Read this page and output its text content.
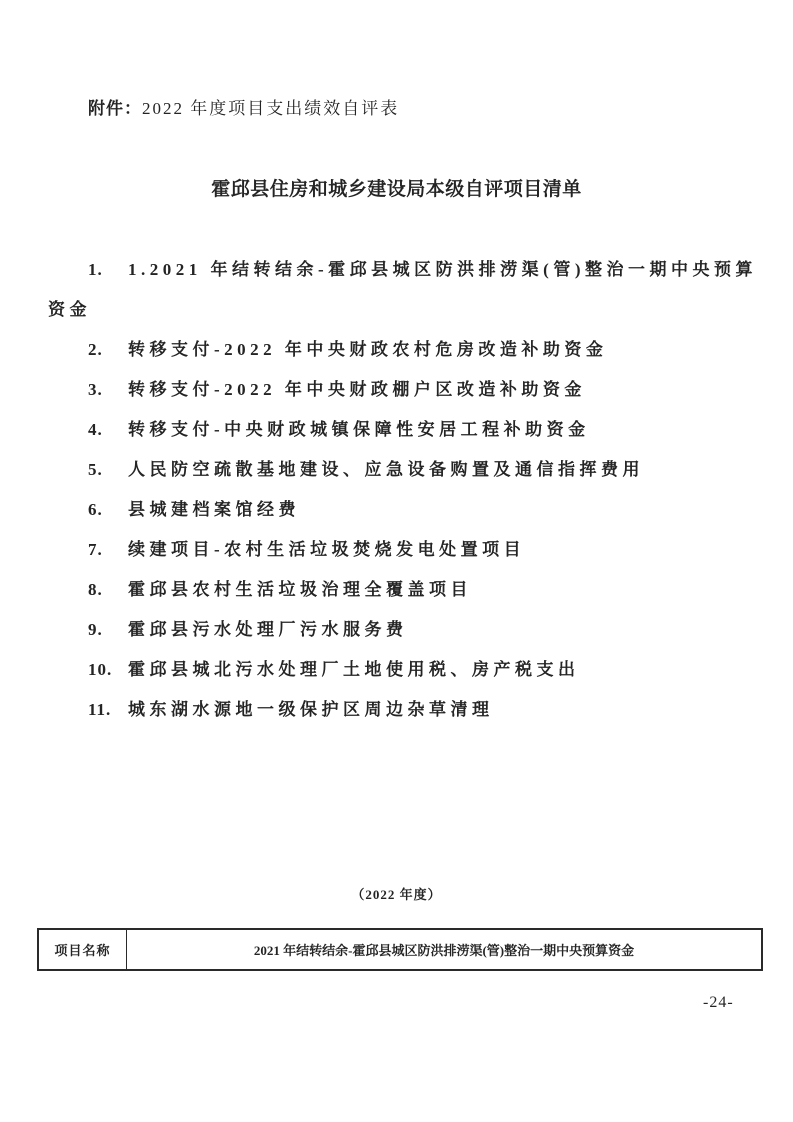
附件：2022 年度项目支出绩效自评表

霍邱县住房和城乡建设局本级自评项目清单

1. 1.2021 年结转结余-霍邱县城区防洪排涝渠(管)整治一期中央预算
资金

2. 转移支付-2022 年中央财政农村危房改造补助资金

3. 转移支付-2022 年中央财政棚户区改造补助资金

4. 转移支付-中央财政城镇保障性安居工程补助资金

5. 人民防空疏散基地建设、应急设备购置及通信指挥费用

6. 县城建档案馆经费

7. 续建项目-农村生活垃圾焚烧发电处置项目

8. 霍邱县农村生活垃圾治理全覆盖项目

9. 霍邱县污水处理厂污水服务费

10. 霍邱县城北污水处理厂土地使用税、房产税支出

11. 城东湖水源地一级保护区周边杂草清理

（2022 年度）

项目名称	2021 年结转结余-霍邱县城区防洪排涝渠(管)整治一期中央预算资金

-24-
